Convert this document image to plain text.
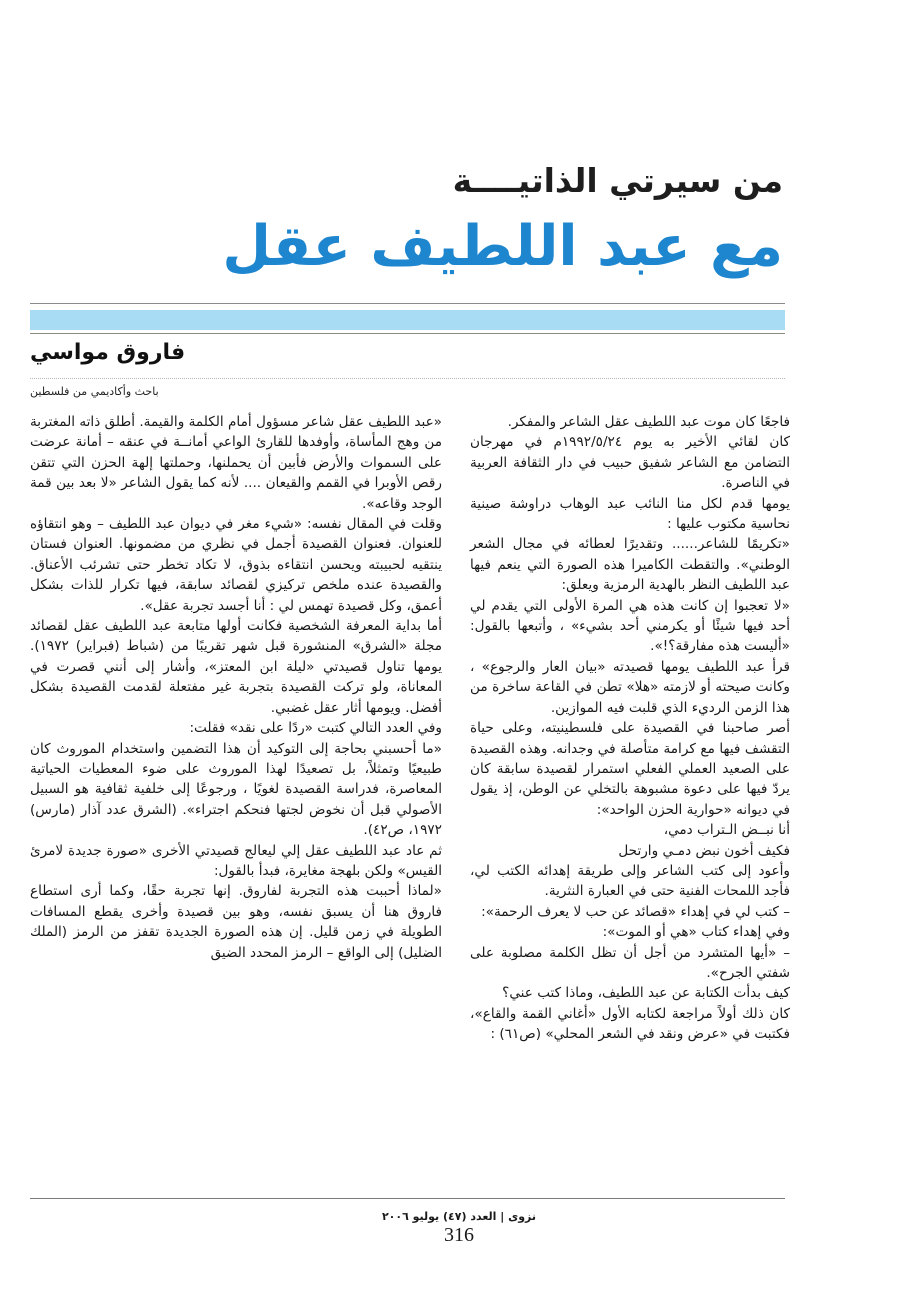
من سيرتي الذاتيــــة
مع عبد اللطيف عقل
فاروق مواسي
باحث وأكاديمي من فلسطين

فاجعًا كان موت عبد اللطيف عقل الشاعر والمفكر.

كان لقائي الأخير به يوم ١٩٩٢/٥/٢٤م في مهرجان التضامن مع الشاعر شفيق حبيب في دار الثقافة العربية في الناصرة.

يومها قدم لكل منا النائب عبد الوهاب دراوشة صينية نحاسية مكتوب عليها :

«تكريمًا للشاعر...... وتقديرًا لعطائه في مجال الشعر الوطني». والتقطت الكاميرا هذه الصورة التي ينعم فيها عبد اللطيف النظر بالهدية الرمزية ويعلق:

«لا تعجبوا إن كانت هذه هي المرة الأولى التي يقدم لي أحد فيها شيئًا أو يكرمني أحد بشيء» ، وأتبعها بالقول: «أليست هذه مفارقة؟!».

قرأ عبد اللطيف يومها قصيدته «بيان العار والرجوع» ، وكانت صيحته أو لازمته «هلا» تطن في القاعة ساخرة من هذا الزمن الرديء الذي قلبت فيه الموازين.

أصر صاحبنا في القصيدة على فلسطينيته، وعلى حياة التقشف فيها مع كرامة متأصلة في وجدانه. وهذه القصيدة على الصعيد العملي الفعلي استمرار لقصيدة سابقة كان يردّ فيها على دعوة مشبوهة بالتخلي عن الوطن، إذ يقول في ديوانه «حوارية الحزن الواحد»:

أنا نبــض الـتراب دمي،

فكيف أخون نبض دمـي وارتحل

وأعود إلى كتب الشاعر وإلى طريقة إهدائه الكتب لي، فأجد اللمحات الفنية حتى في العبارة النثرية.

– كتب لي في إهداء «قصائد عن حب لا يعرف الرحمة»:

وفي إهداء كتاب «هي أو الموت»:

– «أيها المتشرد من أجل أن تظل الكلمة مصلوبة على شفتي الجرح».

كيف بدأت الكتابة عن عبد اللطيف، وماذا كتب عني؟

كان ذلك أولاً مراجعة لكتابه الأول «أغاني القمة والقاع»، فكتبت في «عرض ونقد في الشعر المحلي» (ص٦١) :

«عبد اللطيف عقل شاعر مسؤول أمام الكلمة والقيمة. أطلق ذاته المغتربة من وهج المأساة، وأوفدها للقارئ الواعي أمانــة في عنقه – أمانة عرضت على السموات والأرض فأبين أن يحملنها، وحملتها إلهة الحزن التي تتقن رقص الأوبرا في القمم والقيعان .... لأنه كما يقول الشاعر «لا بعد بين قمة الوجد وقاعه».

وقلت في المقال نفسه: «شيء مغر في ديوان عبد اللطيف – وهو انتقاؤه للعنوان. فعنوان القصيدة أجمل في نظري من مضمونها. العنوان فستان ينتقيه لحبيبته ويحسن انتقاءه بذوق، لا تكاد تخطر حتى تشرئب الأعناق. والقصيدة عنده ملخص تركيزي لقصائد سابقة، فيها تكرار للذات بشكل أعمق، وكل قصيدة تهمس لي : أنا أجسد تجربة عقل».

أما بداية المعرفة الشخصية فكانت أولها متابعة عبد اللطيف عقل لقصائد مجلة «الشرق» المنشورة قبل شهر تقريبًا من (شباط (فبراير) ١٩٧٢). يومها تناول قصيدتي «ليلة ابن المعتز»، وأشار إلى أنني قصرت في المعاناة، ولو تركت القصيدة بتجربة غير مفتعلة لقدمت القصيدة بشكل أفضل. ويومها أثار عقل غضبي.

وفي العدد التالي كتبت «ردًا على نقد» فقلت:

«ما أحسبني بحاجة إلى التوكيد أن هذا التضمين واستخدام الموروث كان طبيعيًا وتمثلاً، بل تصعيدًا لهذا الموروث على ضوء المعطيات الحياتية المعاصرة، فدراسة القصيدة لغويًا ، ورجوعًا إلى خلفية ثقافية هو السبيل الأصولي قبل أن نخوض لجتها فنحكم اجتراء». (الشرق عدد آذار (مارس) ١٩٧٢، ص٤٢).

ثم عاد عبد اللطيف عقل إلي ليعالج قصيدتي الأخرى «صورة جديدة لامرئ القيس» ولكن بلهجة مغايرة، فبدأ بالقول:

«لماذا أحببت هذه التجربة لفاروق. إنها تجربة حقًا، وكما أرى استطاع فاروق هنا أن يسبق نفسه، وهو بين قصيدة وأخرى يقطع المسافات الطويلة في زمن قليل. إن هذه الصورة الجديدة تقفز من الرمز (الملك الضليل) إلى الواقع – الرمز المحدد الضيق

نزوى | العدد (٤٧) يوليو ٢٠٠٦
316
